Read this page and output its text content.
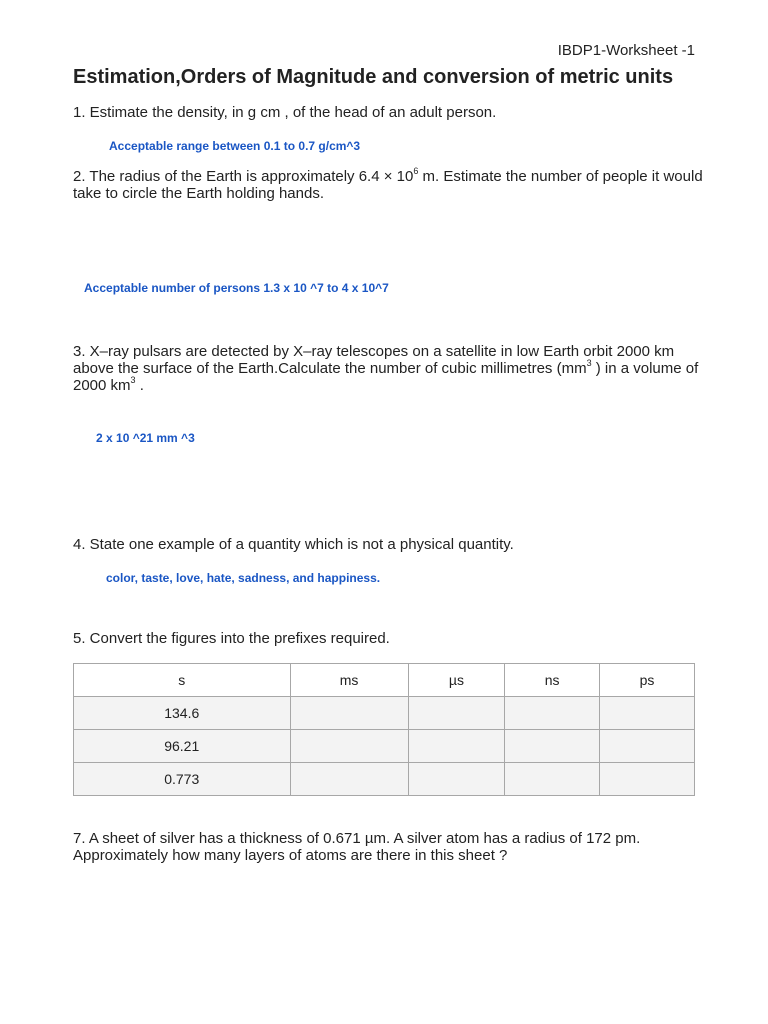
IBDP1-Worksheet -1
Estimation,Orders of Magnitude and conversion of metric units
1. Estimate the density, in g cm , of the head of an adult person.
Acceptable range between 0.1 to 0.7 g/cm^3
2. The radius of the Earth is approximately $6.4 \times 10^6$ m. Estimate the number of people it would take to circle the Earth holding hands.
Acceptable number of persons 1.3 x 10 ^7 to 4 x 10^7
3. X–ray pulsars are detected by X–ray telescopes on a satellite in low Earth orbit 2000 km above the surface of the Earth.Calculate the number of cubic millimetres ($mm^3$ ) in a volume of 2000 $km^3$ .
2 x 10 ^21 mm ^3
4. State one example of a quantity which is not a physical quantity.
color, taste, love, hate, sadness, and happiness.
5. Convert the figures into the prefixes required.
s	ms	µs	ns	ps
134.6				
96.21				
0.773				
7. A sheet of silver has a thickness of 0.671 µm. A silver atom has a radius of 172 pm. Approximately how many layers of atoms are there in this sheet ?
